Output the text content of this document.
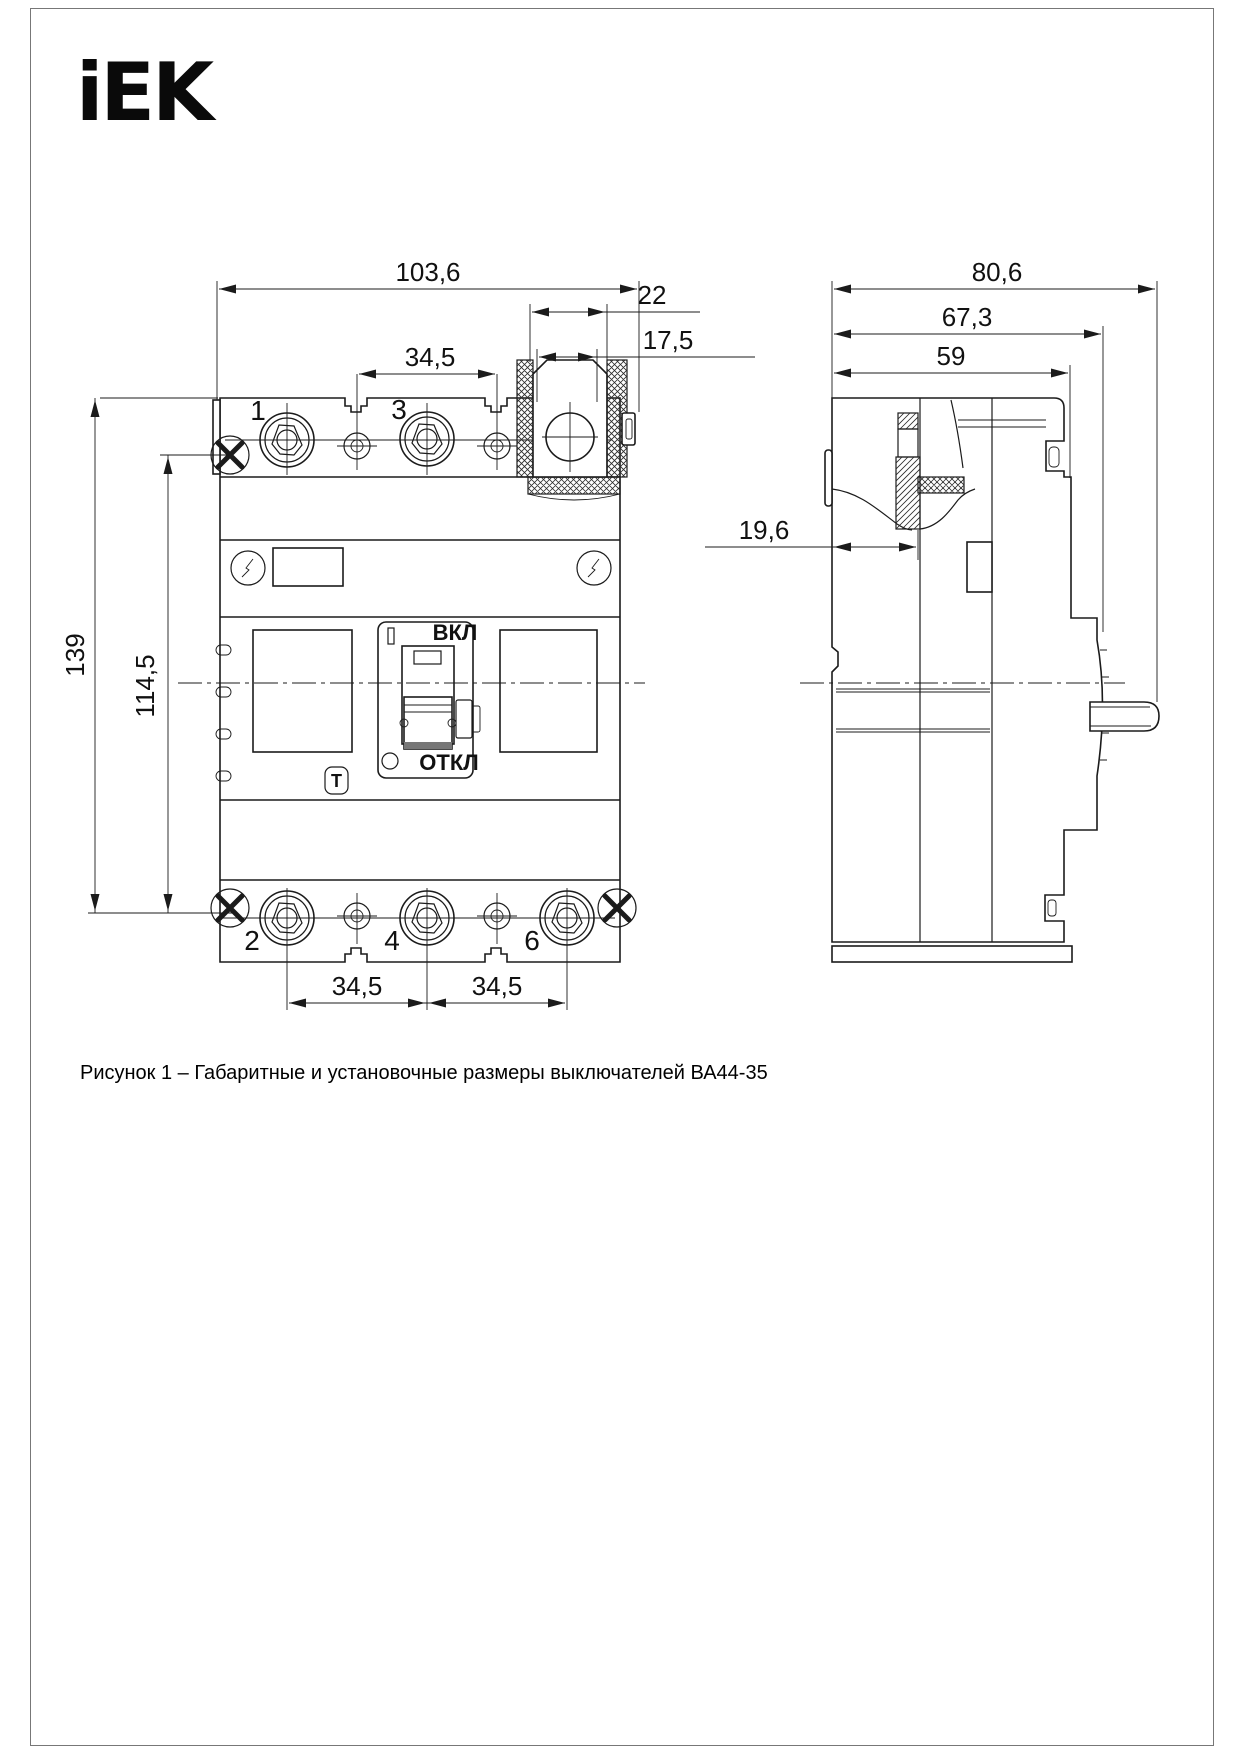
iEK
ВКЛ
ОТКЛ
T
1	3
2	4	6
103,6
22
17,5
34,5
139 114,5
34,5	34,5
80,6
67,3
59
19,6
Рисунок 1 – Габаритные и установочные размеры выключателей ВА44-35
